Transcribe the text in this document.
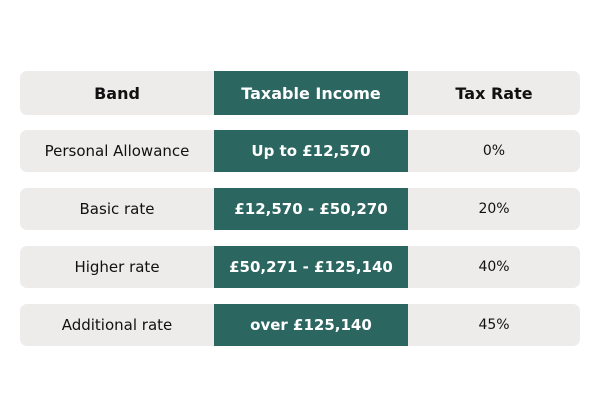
Band	Taxable Income	Tax Rate
Personal Allowance	Up to £12,570	0%
Basic rate	£12,570 - £50,270	20%
Higher rate	£50,271 - £125,140	40%
Additional rate	over £125,140	45%
